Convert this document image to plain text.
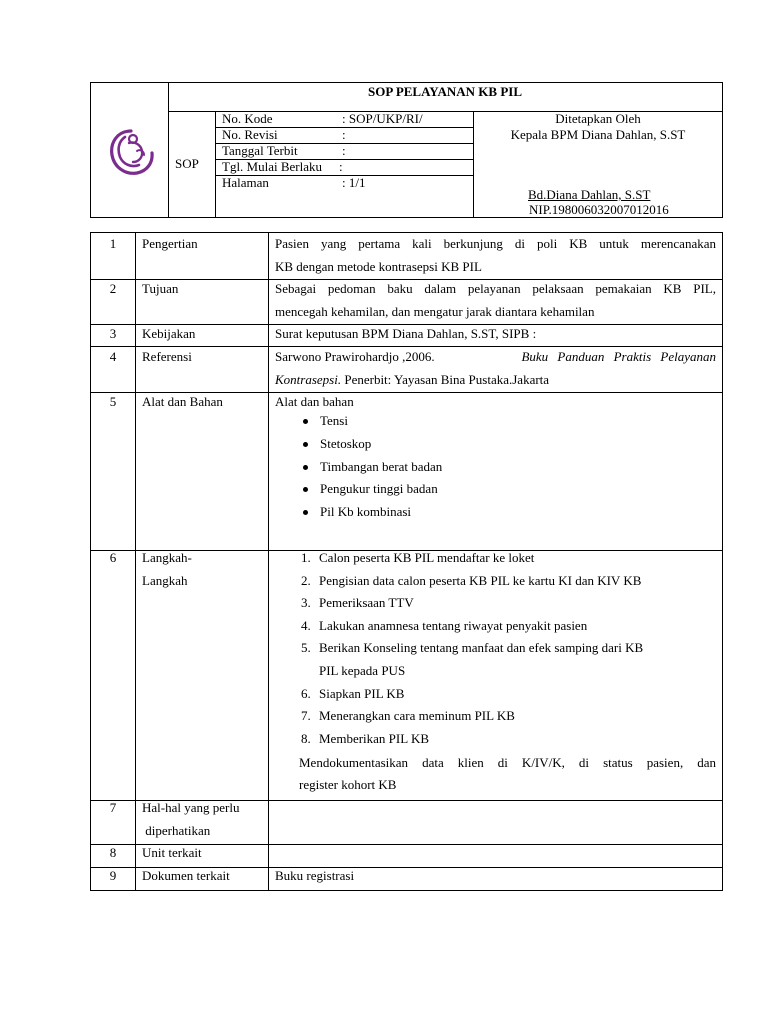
SOP PELAYANAN KB PIL
SOP
No. Kode	: SOP/UKP/RI/
No. Revisi	:
Tanggal Terbit	:
Tgl. Mulai Berlaku :
Halaman	: 1/1
Ditetapkan Oleh
Kepala BPM Diana Dahlan, S.ST
Bd.Diana Dahlan, S.ST
NIP.198006032007012016
1	Pengertian	Pasien yang pertama kali berkunjung di poli KB untuk merencanakan
KB dengan metode kontrasepsi KB PIL
2	Tujuan	Sebagai pedoman baku dalam pelayanan pelaksaan pemakaian KB PIL,
mencegah kehamilan, dan mengatur jarak diantara kehamilan
3	Kebijakan	Surat keputusan BPM Diana Dahlan, S.ST, SIPB :
4	Referensi	Sarwono Prawirohardjo ,2006.	Buku Panduan Praktis Pelayanan
Kontrasepsi. Penerbit: Yayasan Bina Pustaka.Jakarta
5	Alat dan Bahan	Alat dan bahan
Tensi
Stetoskop
Timbangan berat badan
Pengukur tinggi badan
Pil Kb kombinasi
6	Langkah-
Langkah
1. Calon peserta KB PIL mendaftar ke loket
2. Pengisian data calon peserta KB PIL ke kartu KI dan KIV KB
3. Pemeriksaan TTV
4. Lakukan anamnesa tentang riwayat penyakit pasien
5. Berikan Konseling tentang manfaat dan efek samping dari KB
PIL kepada PUS
6. Siapkan PIL KB
7. Menerangkan cara meminum PIL KB
8. Memberikan PIL KB
Mendokumentasikan data klien di K/IV/K, di status pasien, dan
register kohort KB
7	Hal-hal yang perlu
diperhatikan
8	Unit terkait
9	Dokumen terkait	Buku registrasi
